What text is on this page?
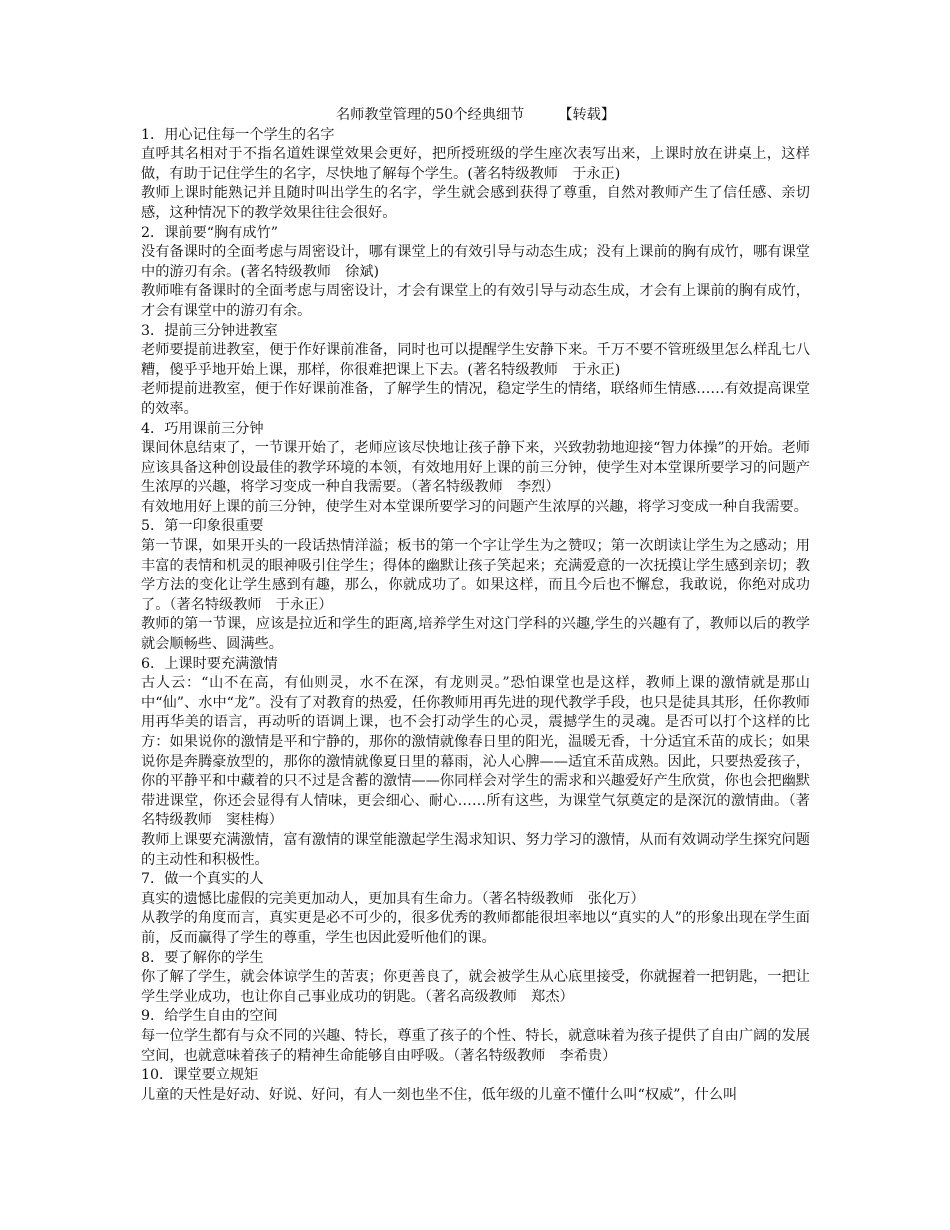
名师教堂管理的50个经典细节 【转载】

1．用心记住每一个学生的名字

直呼其名相对于不指名道姓课堂效果会更好，把所授班级的学生座次表写出来，上课时放在讲桌上，这样做，有助于记住学生的名字，尽快地了解每个学生。(著名特级教师　于永正)

教师上课时能熟记并且随时叫出学生的名字，学生就会感到获得了尊重，自然对教师产生了信任感、亲切感，这种情况下的教学效果往往会很好。

2．课前要“胸有成竹”

没有备课时的全面考虑与周密设计，哪有课堂上的有效引导与动态生成；没有上课前的胸有成竹，哪有课堂中的游刃有余。(著名特级教师　徐斌)

教师唯有备课时的全面考虑与周密设计，才会有课堂上的有效引导与动态生成，才会有上课前的胸有成竹，才会有课堂中的游刃有余。

3．提前三分钟进教室

老师要提前进教室，便于作好课前准备，同时也可以提醒学生安静下来。千万不要不管班级里怎么样乱七八糟，傻乎乎地开始上课，那样，你很难把课上下去。(著名特级教师　于永正)

老师提前进教室，便于作好课前准备，了解学生的情况，稳定学生的情绪，联络师生情感……有效提高课堂的效率。

4．巧用课前三分钟

课间休息结束了，一节课开始了，老师应该尽快地让孩子静下来，兴致勃勃地迎接“智力体操”的开始。老师应该具备这种创设最佳的教学环境的本领，有效地用好上课的前三分钟，使学生对本堂课所要学习的问题产生浓厚的兴趣，将学习变成一种自我需要。（著名特级教师　李烈）

有效地用好上课的前三分钟，使学生对本堂课所要学习的问题产生浓厚的兴趣，将学习变成一种自我需要。

5．第一印象很重要

第一节课，如果开头的一段话热情洋溢；板书的第一个字让学生为之赞叹；第一次朗读让学生为之感动；用丰富的表情和机灵的眼神吸引住学生；得体的幽默让孩子笑起来；充满爱意的一次抚摸让学生感到亲切；教学方法的变化让学生感到有趣，那么，你就成功了。如果这样，而且今后也不懈怠，我敢说，你绝对成功了。（著名特级教师　于永正）

教师的第一节课，应该是拉近和学生的距离,培养学生对这门学科的兴趣,学生的兴趣有了，教师以后的教学就会顺畅些、圆满些。

6．上课时要充满激情

古人云：“山不在高，有仙则灵，水不在深，有龙则灵。”恐怕课堂也是这样，教师上课的激情就是那山中“仙”、水中“龙”。没有了对教育的热爱，任你教师用再先进的现代教学手段，也只是徒具其形，任你教师用再华美的语言，再动听的语调上课，也不会打动学生的心灵，震撼学生的灵魂。是否可以打个这样的比方：如果说你的激情是平和宁静的，那你的激情就像春日里的阳光，温暖无香，十分适宜禾苗的成长；如果说你是奔腾豪放型的，那你的激情就像夏日里的幕雨，沁人心脾——适宜禾苗成熟。因此，只要热爱孩子，你的平静平和中藏着的只不过是含蓄的激情——你同样会对学生的需求和兴趣爱好产生欣赏，你也会把幽默带进课堂，你还会显得有人情味，更会细心、耐心……所有这些，为课堂气氛奠定的是深沉的激情曲。（著名特级教师　窦桂梅）

教师上课要充满激情，富有激情的课堂能激起学生渴求知识、努力学习的激情，从而有效调动学生探究问题的主动性和积极性。

7．做一个真实的人

真实的遗憾比虚假的完美更加动人，更加具有生命力。（著名特级教师　张化万）

从教学的角度而言，真实更是必不可少的，很多优秀的教师都能很坦率地以“真实的人”的形象出现在学生面前，反而赢得了学生的尊重，学生也因此爱听他们的课。

8．要了解你的学生

你了解了学生，就会体谅学生的苦衷；你更善良了，就会被学生从心底里接受，你就握着一把钥匙，一把让学生学业成功，也让你自己事业成功的钥匙。（著名高级教师　郑杰）

9．给学生自由的空间

每一位学生都有与众不同的兴趣、特长，尊重了孩子的个性、特长，就意味着为孩子提供了自由广阔的发展空间，也就意味着孩子的精神生命能够自由呼吸。（著名特级教师　李希贵）

10．课堂要立规矩

儿童的天性是好动、好说、好问，有人一刻也坐不住，低年级的儿童不懂什么叫“权威”，什么叫
